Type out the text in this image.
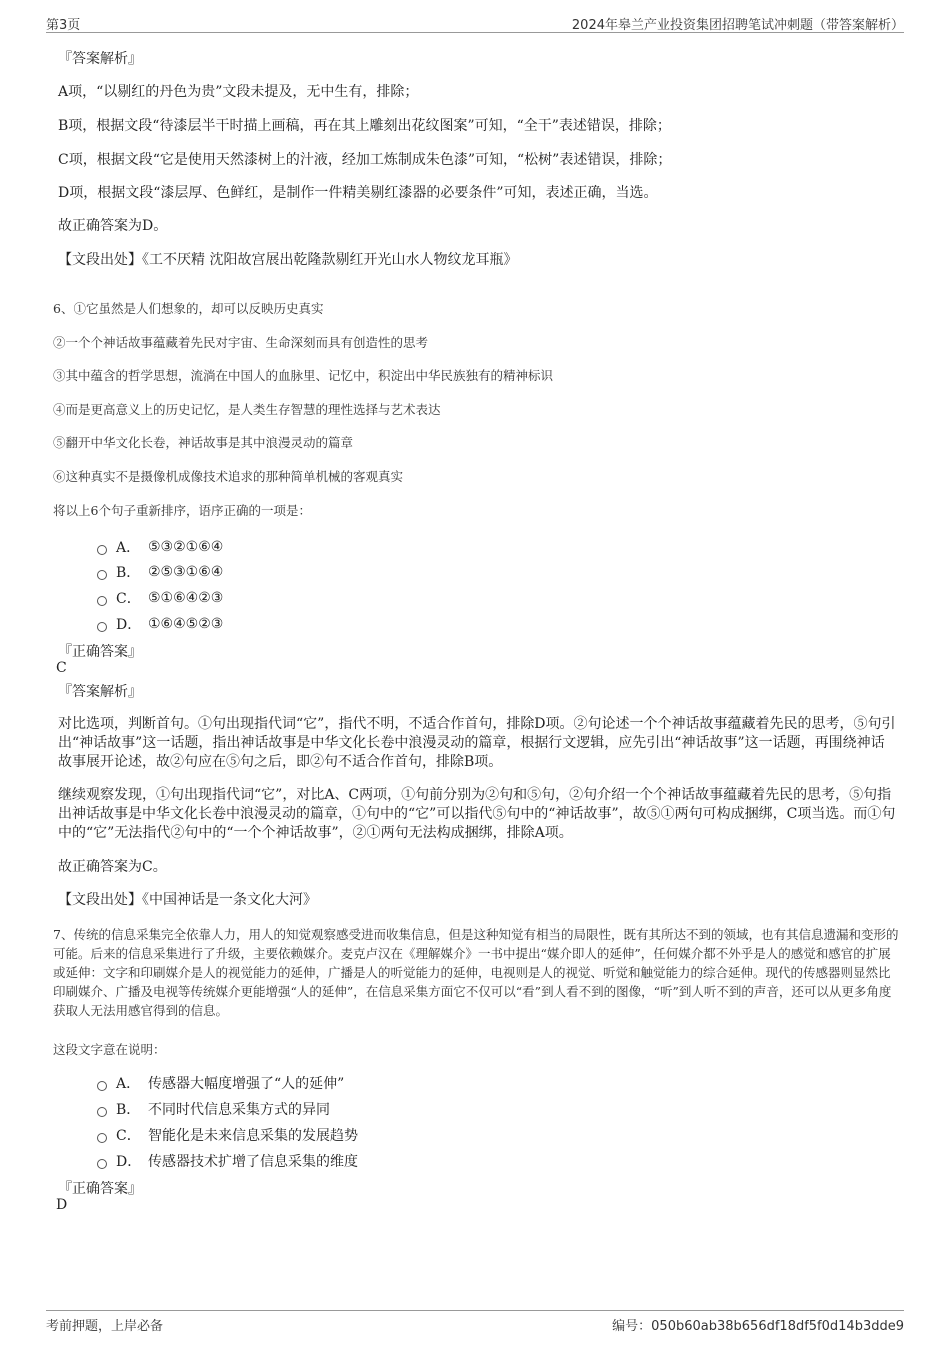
第3页	2024年皋兰产业投资集团招聘笔试冲刺题（带答案解析）
『答案解析』
A项，“以剔红的丹色为贵”文段未提及，无中生有，排除；
B项，根据文段“待漆层半干时描上画稿，再在其上雕刻出花纹图案”可知，“全干”表述错误，排除；
C项，根据文段“它是使用天然漆树上的汁液，经加工炼制成朱色漆”可知，“松树”表述错误，排除；
D项，根据文段“漆层厚、色鲜红，是制作一件精美剔红漆器的必要条件”可知，表述正确，当选。
故正确答案为D。
【文段出处】《工不厌精 沈阳故宫展出乾隆款剔红开光山水人物纹龙耳瓶》
6、①它虽然是人们想象的，却可以反映历史真实
②一个个神话故事蕴藏着先民对宇宙、生命深刻而具有创造性的思考
③其中蕴含的哲学思想，流淌在中国人的血脉里、记忆中，积淀出中华民族独有的精神标识
④而是更高意义上的历史记忆，是人类生存智慧的理性选择与艺术表达
⑤翻开中华文化长卷，神话故事是其中浪漫灵动的篇章
⑥这种真实不是摄像机成像技术追求的那种简单机械的客观真实
将以上6个句子重新排序，语序正确的一项是：
A． ⑤③②①⑥④
B． ②⑤③①⑥④
C． ⑤①⑥④②③
D． ①⑥④⑤②③
『正确答案』
C
『答案解析』
对比选项，判断首句。①句出现指代词“它”，指代不明，不适合作首句，排除D项。②句论述一个个神话故事蕴藏着先民的思考，⑤句引出“神话故事”这一话题，指出神话故事是中华文化长卷中浪漫灵动的篇章，根据行文逻辑，应先引出“神话故事”这一话题，再围绕神话故事展开论述，故②句应在⑤句之后，即②句不适合作首句，排除B项。
继续观察发现，①句出现指代词“它”，对比A、C两项，①句前分别为②句和⑤句，②句介绍一个个神话故事蕴藏着先民的思考，⑤句指出神话故事是中华文化长卷中浪漫灵动的篇章，①句中的“它”可以指代⑤句中的“神话故事”，故⑤①两句可构成捆绑，C项当选。而①句中的“它”无法指代②句中的“一个个神话故事”，②①两句无法构成捆绑，排除A项。
故正确答案为C。
【文段出处】《中国神话是一条文化大河》
7、传统的信息采集完全依靠人力，用人的知觉观察感受进而收集信息，但是这种知觉有相当的局限性，既有其所达不到的领域，也有其信息遗漏和变形的可能。后来的信息采集进行了升级，主要依赖媒介。麦克卢汉在《理解媒介》一书中提出“媒介即人的延伸”，任何媒介都不外乎是人的感觉和感官的扩展或延伸：文字和印刷媒介是人的视觉能力的延伸，广播是人的听觉能力的延伸，电视则是人的视觉、听觉和触觉能力的综合延伸。现代的传感器则显然比印刷媒介、广播及电视等传统媒介更能增强“人的延伸”，在信息采集方面它不仅可以“看”到人看不到的图像，“听”到人听不到的声音，还可以从更多角度获取人无法用感官得到的信息。
这段文字意在说明：
A． 传感器大幅度增强了“人的延伸”
B． 不同时代信息采集方式的异同
C． 智能化是未来信息采集的发展趋势
D． 传感器技术扩增了信息采集的维度
『正确答案』
D
考前押题，上岸必备	编号：050b60ab38b656df18df5f0d14b3dde9
